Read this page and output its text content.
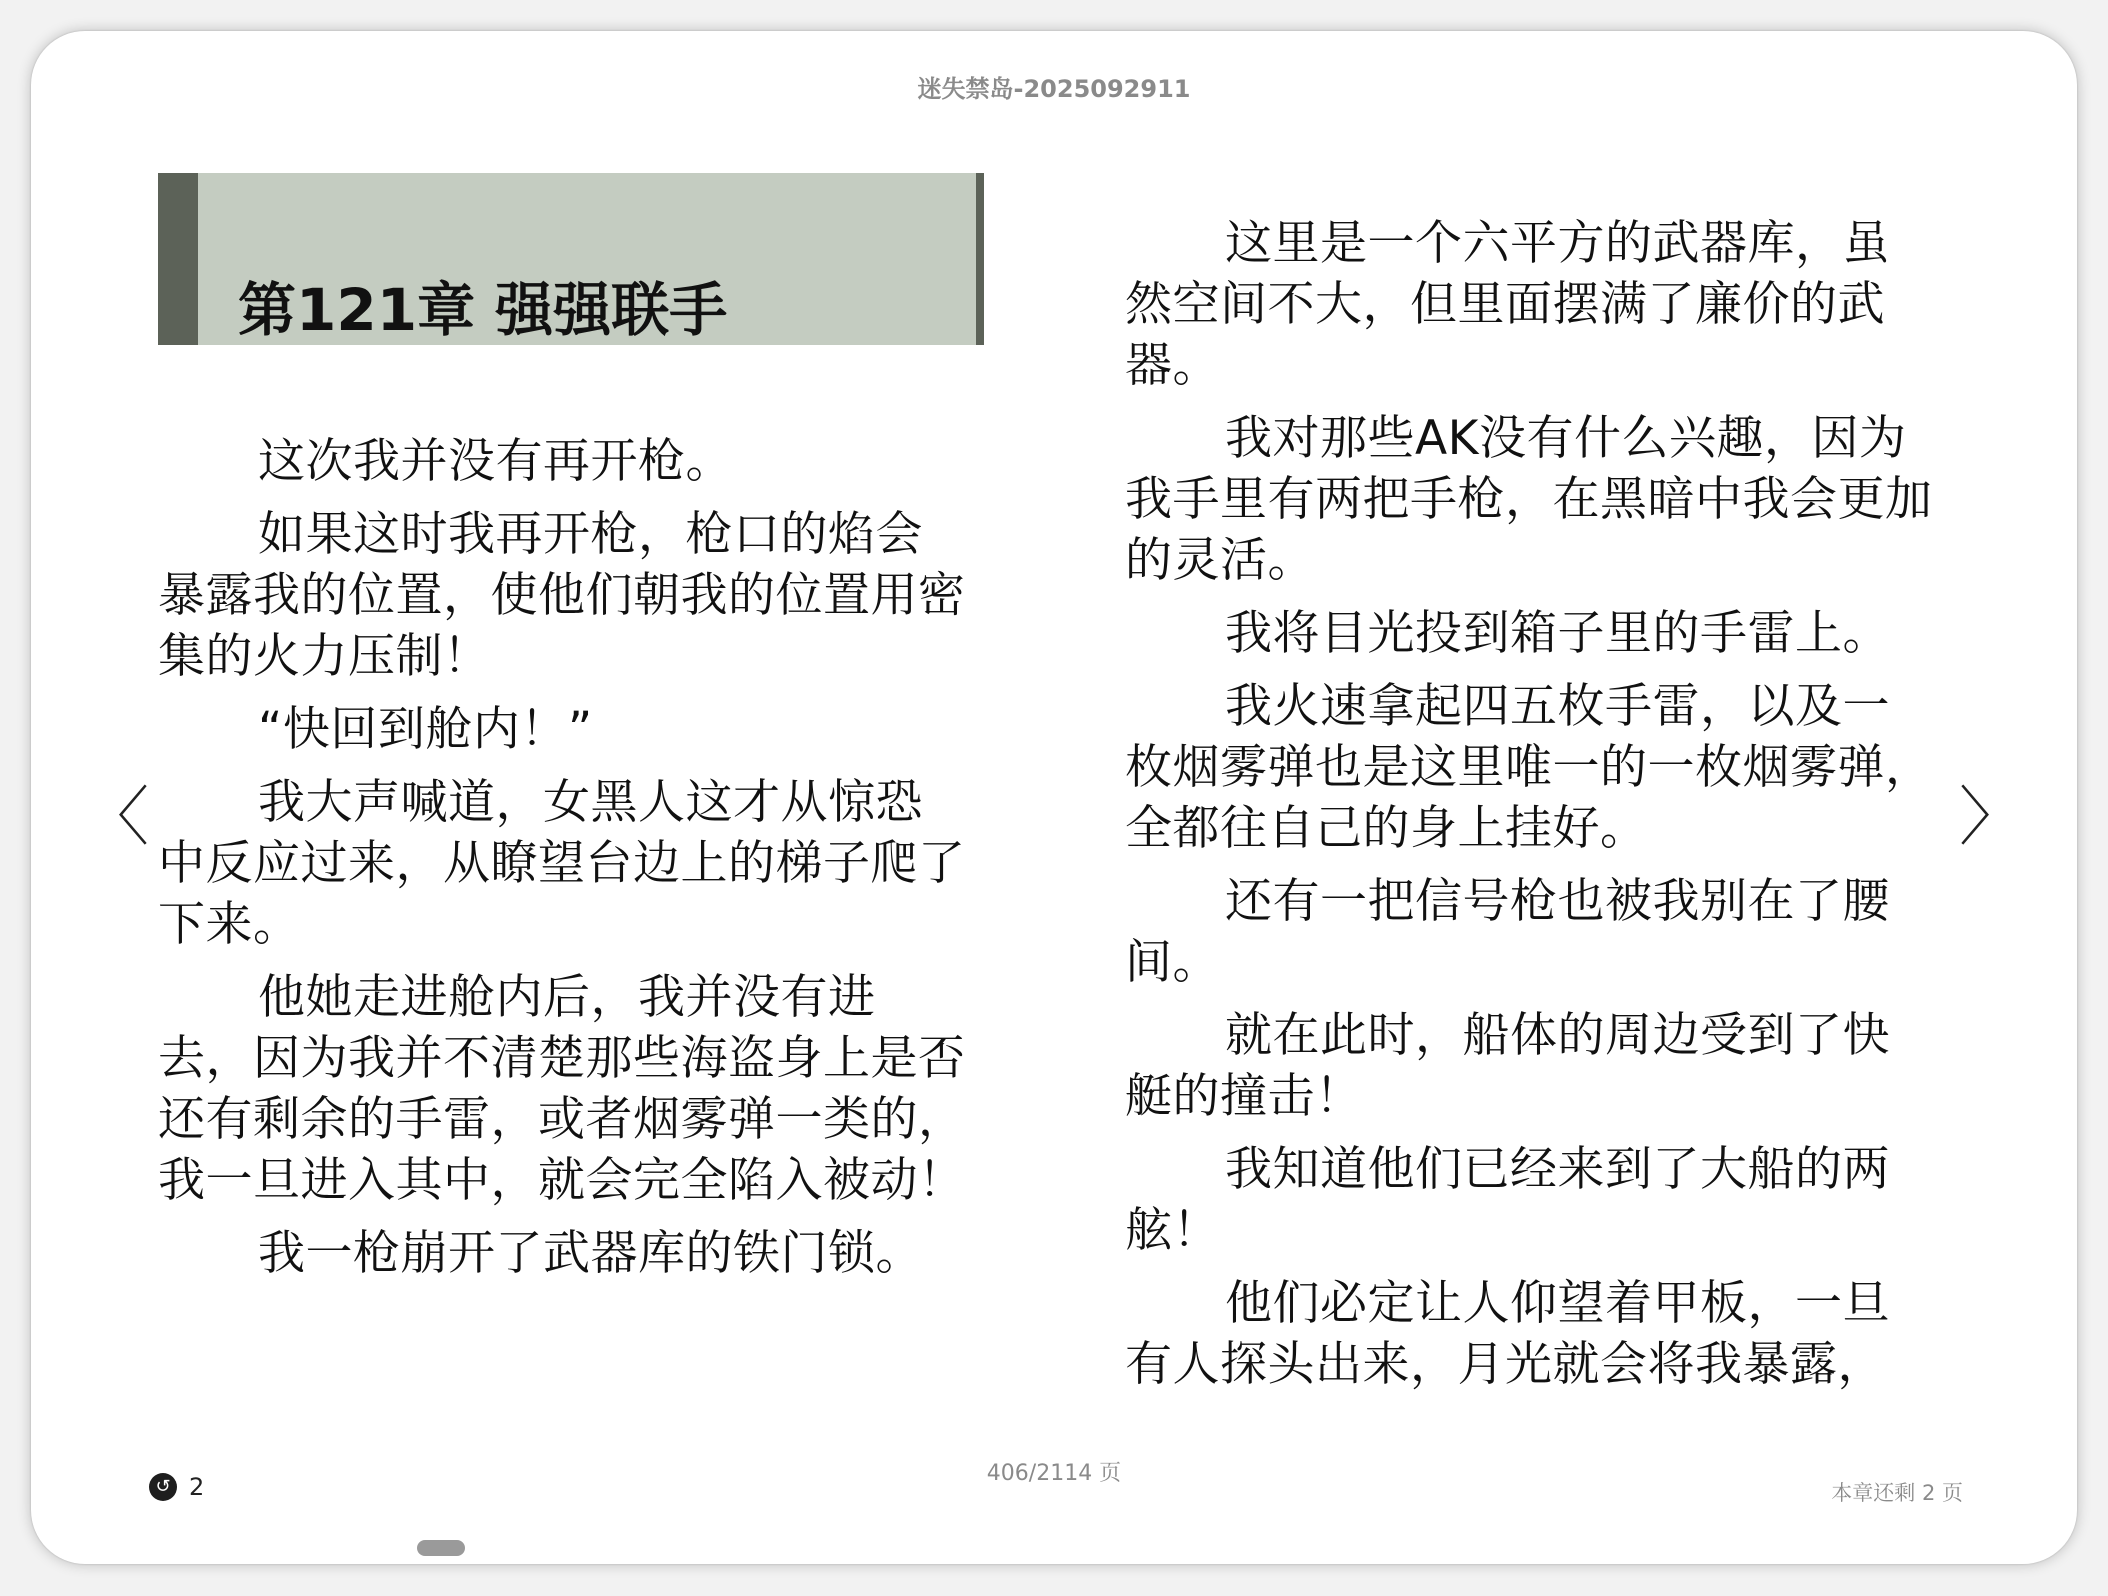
迷失禁岛-2025092911
第121章 强强联手

这次我并没有再开枪。

如果这时我再开枪，枪口的焰会暴露我的位置，使他们朝我的位置用密集的火力压制！

“快回到舱内！”

我大声喊道，女黑人这才从惊恐中反应过来，从瞭望台边上的梯子爬了下来。

他她走进舱内后，我并没有进去，因为我并不清楚那些海盗身上是否还有剩余的手雷，或者烟雾弹一类的，我一旦进入其中，就会完全陷入被动！

我一枪崩开了武器库的铁门锁。

这里是一个六平方的武器库，虽然空间不大，但里面摆满了廉价的武器。

我对那些AK没有什么兴趣，因为我手里有两把手枪，在黑暗中我会更加的灵活。

我将目光投到箱子里的手雷上。

我火速拿起四五枚手雷，以及一枚烟雾弹也是这里唯一的一枚烟雾弹，全都往自己的身上挂好。

还有一把信号枪也被我别在了腰间。

就在此时，船体的周边受到了快艇的撞击！

我知道他们已经来到了大船的两舷！

他们必定让人仰望着甲板，一旦有人探头出来，月光就会将我暴露，

〈	〉
↺ 2	406/2114 页
本章还剩 2 页
